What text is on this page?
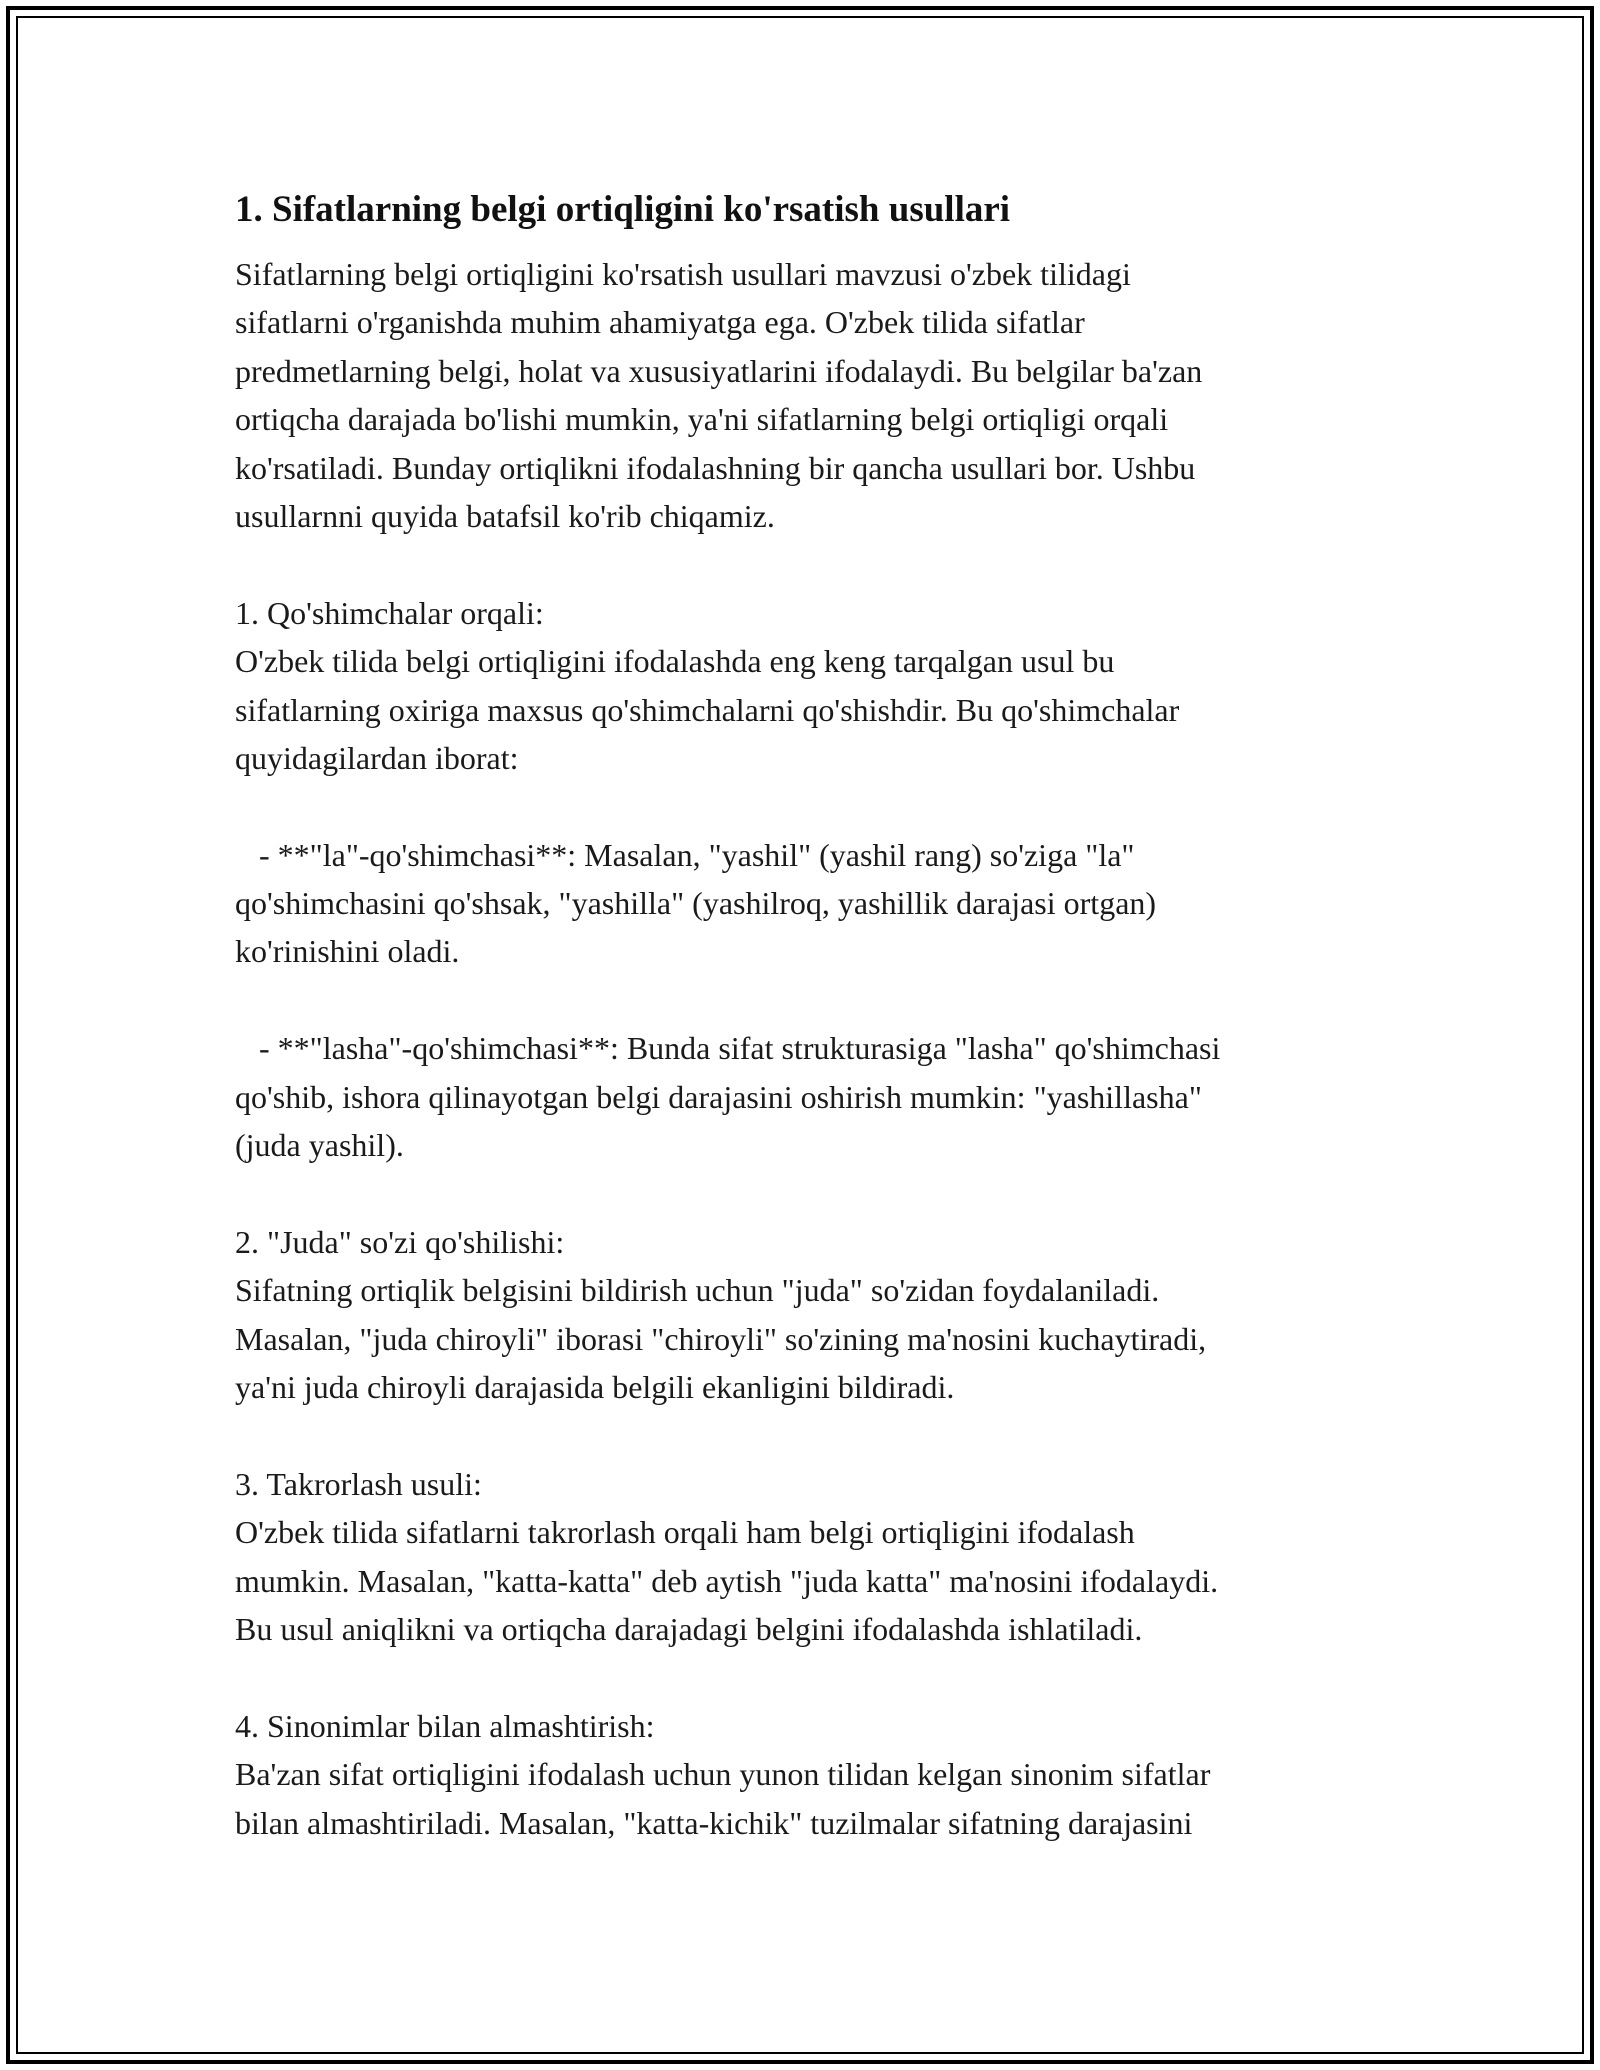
1. Sifatlarning belgi ortiqligini ko'rsatish usullari
Sifatlarning belgi ortiqligini ko'rsatish usullari mavzusi o'zbek tilidagi
sifatlarni o'rganishda muhim ahamiyatga ega. O'zbek tilida sifatlar
predmetlarning belgi, holat va xususiyatlarini ifodalaydi. Bu belgilar ba'zan
ortiqcha darajada bo'lishi mumkin, ya'ni sifatlarning belgi ortiqligi orqali
ko'rsatiladi. Bunday ortiqlikni ifodalashning bir qancha usullari bor. Ushbu
usullarnni quyida batafsil ko'rib chiqamiz.
1. Qo'shimchalar orqali:
O'zbek tilida belgi ortiqligini ifodalashda eng keng tarqalgan usul bu
sifatlarning oxiriga maxsus qo'shimchalarni qo'shishdir. Bu qo'shimchalar
quyidagilardan iborat:
- **"la"-qo'shimchasi**: Masalan, "yashil" (yashil rang) so'ziga "la"
qo'shimchasini qo'shsak, "yashilla" (yashilroq, yashillik darajasi ortgan)
ko'rinishini oladi.
- **"lasha"-qo'shimchasi**: Bunda sifat strukturasiga "lasha" qo'shimchasi
qo'shib, ishora qilinayotgan belgi darajasini oshirish mumkin: "yashillasha"
(juda yashil).
2. "Juda" so'zi qo'shilishi:
Sifatning ortiqlik belgisini bildirish uchun "juda" so'zidan foydalaniladi.
Masalan, "juda chiroyli" iborasi "chiroyli" so'zining ma'nosini kuchaytiradi,
ya'ni juda chiroyli darajasida belgili ekanligini bildiradi.
3. Takrorlash usuli:
O'zbek tilida sifatlarni takrorlash orqali ham belgi ortiqligini ifodalash
mumkin. Masalan, "katta-katta" deb aytish "juda katta" ma'nosini ifodalaydi.
Bu usul aniqlikni va ortiqcha darajadagi belgini ifodalashda ishlatiladi.
4. Sinonimlar bilan almashtirish:
Ba'zan sifat ortiqligini ifodalash uchun yunon tilidan kelgan sinonim sifatlar
bilan almashtiriladi. Masalan, "katta-kichik" tuzilmalar sifatning darajasini
